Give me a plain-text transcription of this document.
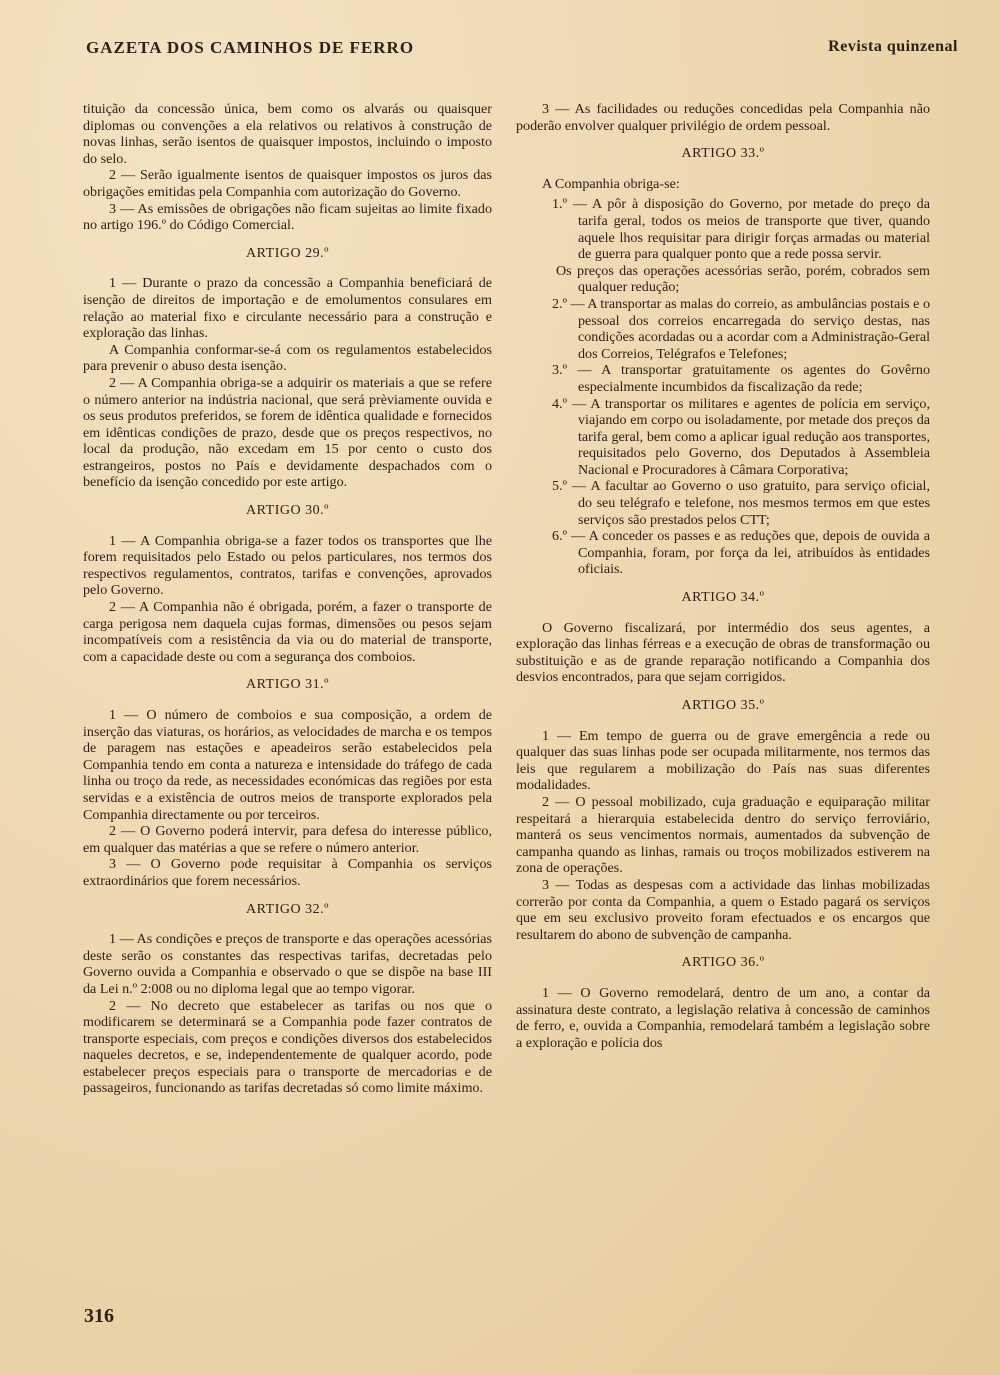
GAZETA DOS CAMINHOS DE FERRO	Revista quinzenal

tituição da concessão única, bem como os alvarás ou quaisquer diplomas ou convenções a ela relativos ou relativos à construção de novas linhas, serão isentos de quaisquer impostos, incluindo o imposto do selo.

2 — Serão igualmente isentos de quaisquer impostos os juros das obrigações emitidas pela Companhia com autorização do Governo.

3 — As emissões de obrigações não ficam sujeitas ao limite fixado no artigo 196.º do Código Comercial.

ARTIGO 29.º

1 — Durante o prazo da concessão a Companhia beneficiará de isenção de direitos de importação e de emolumentos consulares em relação ao material fixo e circulante necessário para a construção e exploração das linhas.

A Companhia conformar-se-á com os regulamentos estabelecidos para prevenir o abuso desta isenção.

2 — A Companhia obriga-se a adquirir os materiais a que se refere o número anterior na indústria nacional, que será prèviamente ouvida e os seus produtos preferidos, se forem de idêntica qualidade e fornecidos em idênticas condições de prazo, desde que os preços respectivos, no local da produção, não excedam em 15 por cento o custo dos estrangeiros, postos no País e devidamente despachados com o benefício da isenção concedido por este artigo.

ARTIGO 30.º

1 — A Companhia obriga-se a fazer todos os transportes que lhe forem requisitados pelo Estado ou pelos particulares, nos termos dos respectivos regulamentos, contratos, tarifas e convenções, aprovados pelo Governo.

2 — A Companhia não é obrigada, porém, a fazer o transporte de carga perigosa nem daquela cujas formas, dimensões ou pesos sejam incompatíveis com a resistência da via ou do material de transporte, com a capacidade deste ou com a segurança dos comboios.

ARTIGO 31.º

1 — O número de comboios e sua composição, a ordem de inserção das viaturas, os horários, as velocidades de marcha e os tempos de paragem nas estações e apeadeiros serão estabelecidos pela Companhia tendo em conta a natureza e intensidade do tráfego de cada linha ou troço da rede, as necessidades económicas das regiões por esta servidas e a existência de outros meios de transporte explorados pela Companhia directamente ou por terceiros.

2 — O Governo poderá intervir, para defesa do interesse público, em qualquer das matérias a que se refere o número anterior.

3 — O Governo pode requisitar à Companhia os serviços extraordinários que forem necessários.

ARTIGO 32.º

1 — As condições e preços de transporte e das operações acessórias deste serão os constantes das respectivas tarifas, decretadas pelo Governo ouvida a Companhia e observado o que se dispõe na base III da Lei n.º 2:008 ou no diploma legal que ao tempo vigorar.

2 — No decreto que estabelecer as tarifas ou nos que o modificarem se determinará se a Companhia pode fazer contratos de transporte especiais, com preços e condições diversos dos estabelecidos naqueles decretos, e se, independentemente de qualquer acordo, pode estabelecer preços especiais para o transporte de mercadorias e de passageiros, funcionando as tarifas decretadas só como limite máximo.

3 — As facilidades ou reduções concedidas pela Companhia não poderão envolver qualquer privilégio de ordem pessoal.

ARTIGO 33.º

A Companhia obriga-se:

1.º — A pôr à disposição do Governo, por metade do preço da tarifa geral, todos os meios de transporte que tiver, quando aquele lhos requisitar para dirigir forças armadas ou material de guerra para qualquer ponto que a rede possa servir.

Os preços das operações acessórias serão, porém, cobrados sem qualquer redução;

2.º — A transportar as malas do correio, as ambulâncias postais e o pessoal dos correios encarregada do serviço destas, nas condições acordadas ou a acordar com a Administração-Geral dos Correios, Telégrafos e Telefones;

3.º — A transportar gratuitamente os agentes do Govêrno especialmente incumbidos da fiscalização da rede;

4.º — A transportar os militares e agentes de polícia em serviço, viajando em corpo ou isoladamente, por metade dos preços da tarifa geral, bem como a aplicar igual redução aos transportes, requisitados pelo Governo, dos Deputados à Assembleia Nacional e Procuradores à Câmara Corporativa;

5.º — A facultar ao Governo o uso gratuito, para serviço oficial, do seu telégrafo e telefone, nos mesmos termos em que estes serviços são prestados pelos CTT;

6.º — A conceder os passes e as reduções que, depois de ouvida a Companhia, foram, por força da lei, atribuídos às entidades oficiais.

ARTIGO 34.º

O Governo fiscalizará, por intermédio dos seus agentes, a exploração das linhas férreas e a execução de obras de transformação ou substituição e as de grande reparação notificando a Companhia dos desvios encontrados, para que sejam corrigidos.

ARTIGO 35.º

1 — Em tempo de guerra ou de grave emergência a rede ou qualquer das suas linhas pode ser ocupada militarmente, nos termos das leis que regularem a mobilização do País nas suas diferentes modalidades.

2 — O pessoal mobilizado, cuja graduação e equiparação militar respeitará a hierarquia estabelecida dentro do serviço ferroviário, manterá os seus vencimentos normais, aumentados da subvenção de campanha quando as linhas, ramais ou troços mobilizados estiverem na zona de operações.

3 — Todas as despesas com a actividade das linhas mobilizadas correrão por conta da Companhia, a quem o Estado pagará os serviços que em seu exclusivo proveito foram efectuados e os encargos que resultarem do abono de subvenção de campanha.

ARTIGO 36.º

1 — O Governo remodelará, dentro de um ano, a contar da assinatura deste contrato, a legislação relativa à concessão de caminhos de ferro, e, ouvida a Companhia, remodelará também a legislação sobre a exploração e polícia dos

316
